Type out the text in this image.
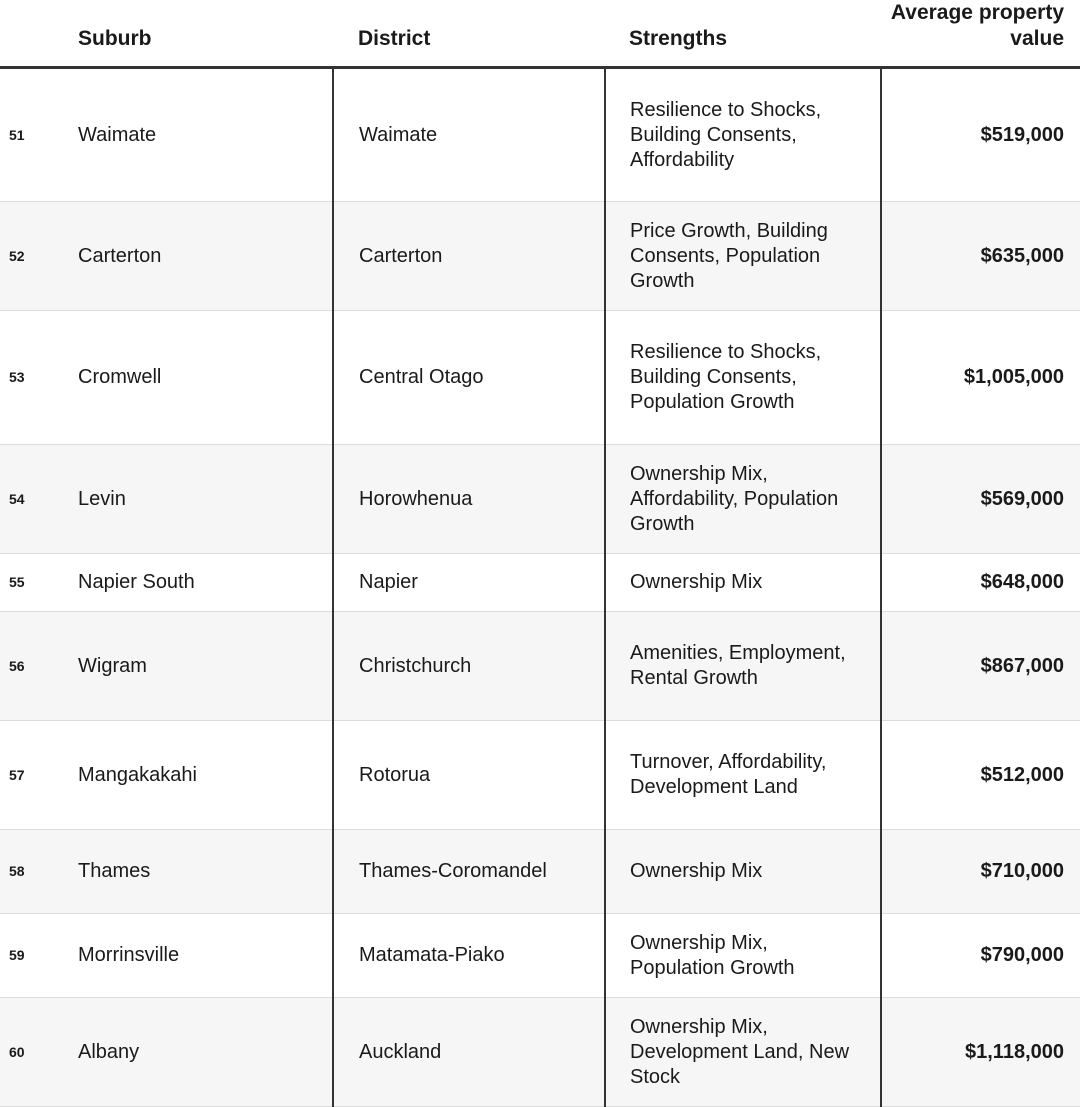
	Suburb	District	Strengths	Average property value
51	Waimate	Waimate	Resilience to Shocks, Building Consents, Affordability	$519,000
52	Carterton	Carterton	Price Growth, Building Consents, Population Growth	$635,000
53	Cromwell	Central Otago	Resilience to Shocks, Building Consents, Population Growth	$1,005,000
54	Levin	Horowhenua	Ownership Mix, Affordability, Population Growth	$569,000
55	Napier South	Napier	Ownership Mix	$648,000
56	Wigram	Christchurch	Amenities, Employment, Rental Growth	$867,000
57	Mangakakahi	Rotorua	Turnover, Affordability, Development Land	$512,000
58	Thames	Thames-Coromandel	Ownership Mix	$710,000
59	Morrinsville	Matamata-Piako	Ownership Mix, Population Growth	$790,000
60	Albany	Auckland	Ownership Mix, Development Land, New Stock	$1,118,000
